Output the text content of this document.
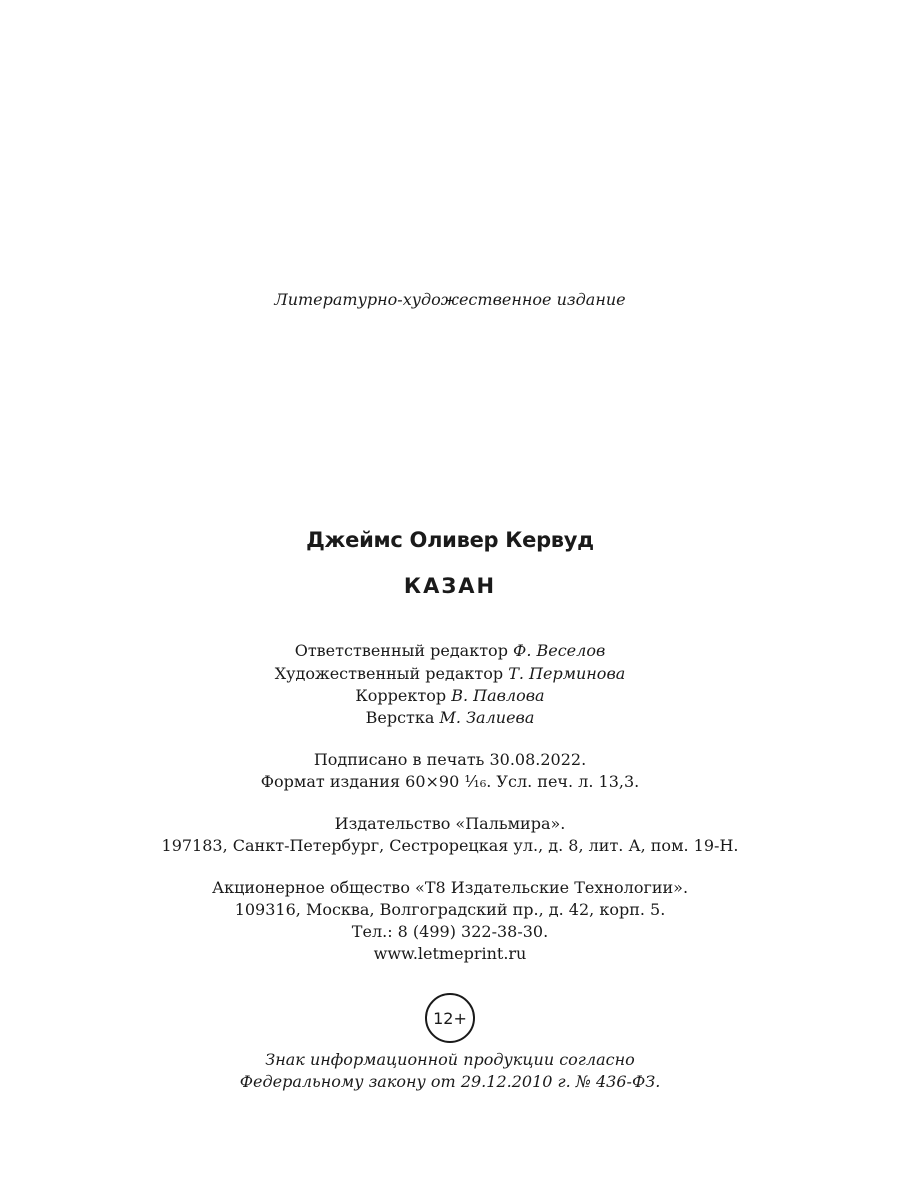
Литературно-художественное издание
Джеймс Оливер Кервуд
КАЗАН
Ответственный редактор Ф. Веселов
Художественный редактор Т. Перминова
Корректор В. Павлова
Верстка М. Залиева
Подписано в печать 30.08.2022.
Формат издания 60×90 ¹⁄₁₆. Усл. печ. л. 13,3.
Издательство «Пальмира».
197183, Санкт-Петербург, Сестрорецкая ул., д. 8, лит. А, пом. 19-Н.
Акционерное общество «Т8 Издательские Технологии».
109316, Москва, Волгоградский пр., д. 42, корп. 5.
Тел.: 8 (499) 322-38-30.
www.letmeprint.ru
12+
Знак информационной продукции согласно
Федеральному закону от 29.12.2010 г. № 436-ФЗ.
